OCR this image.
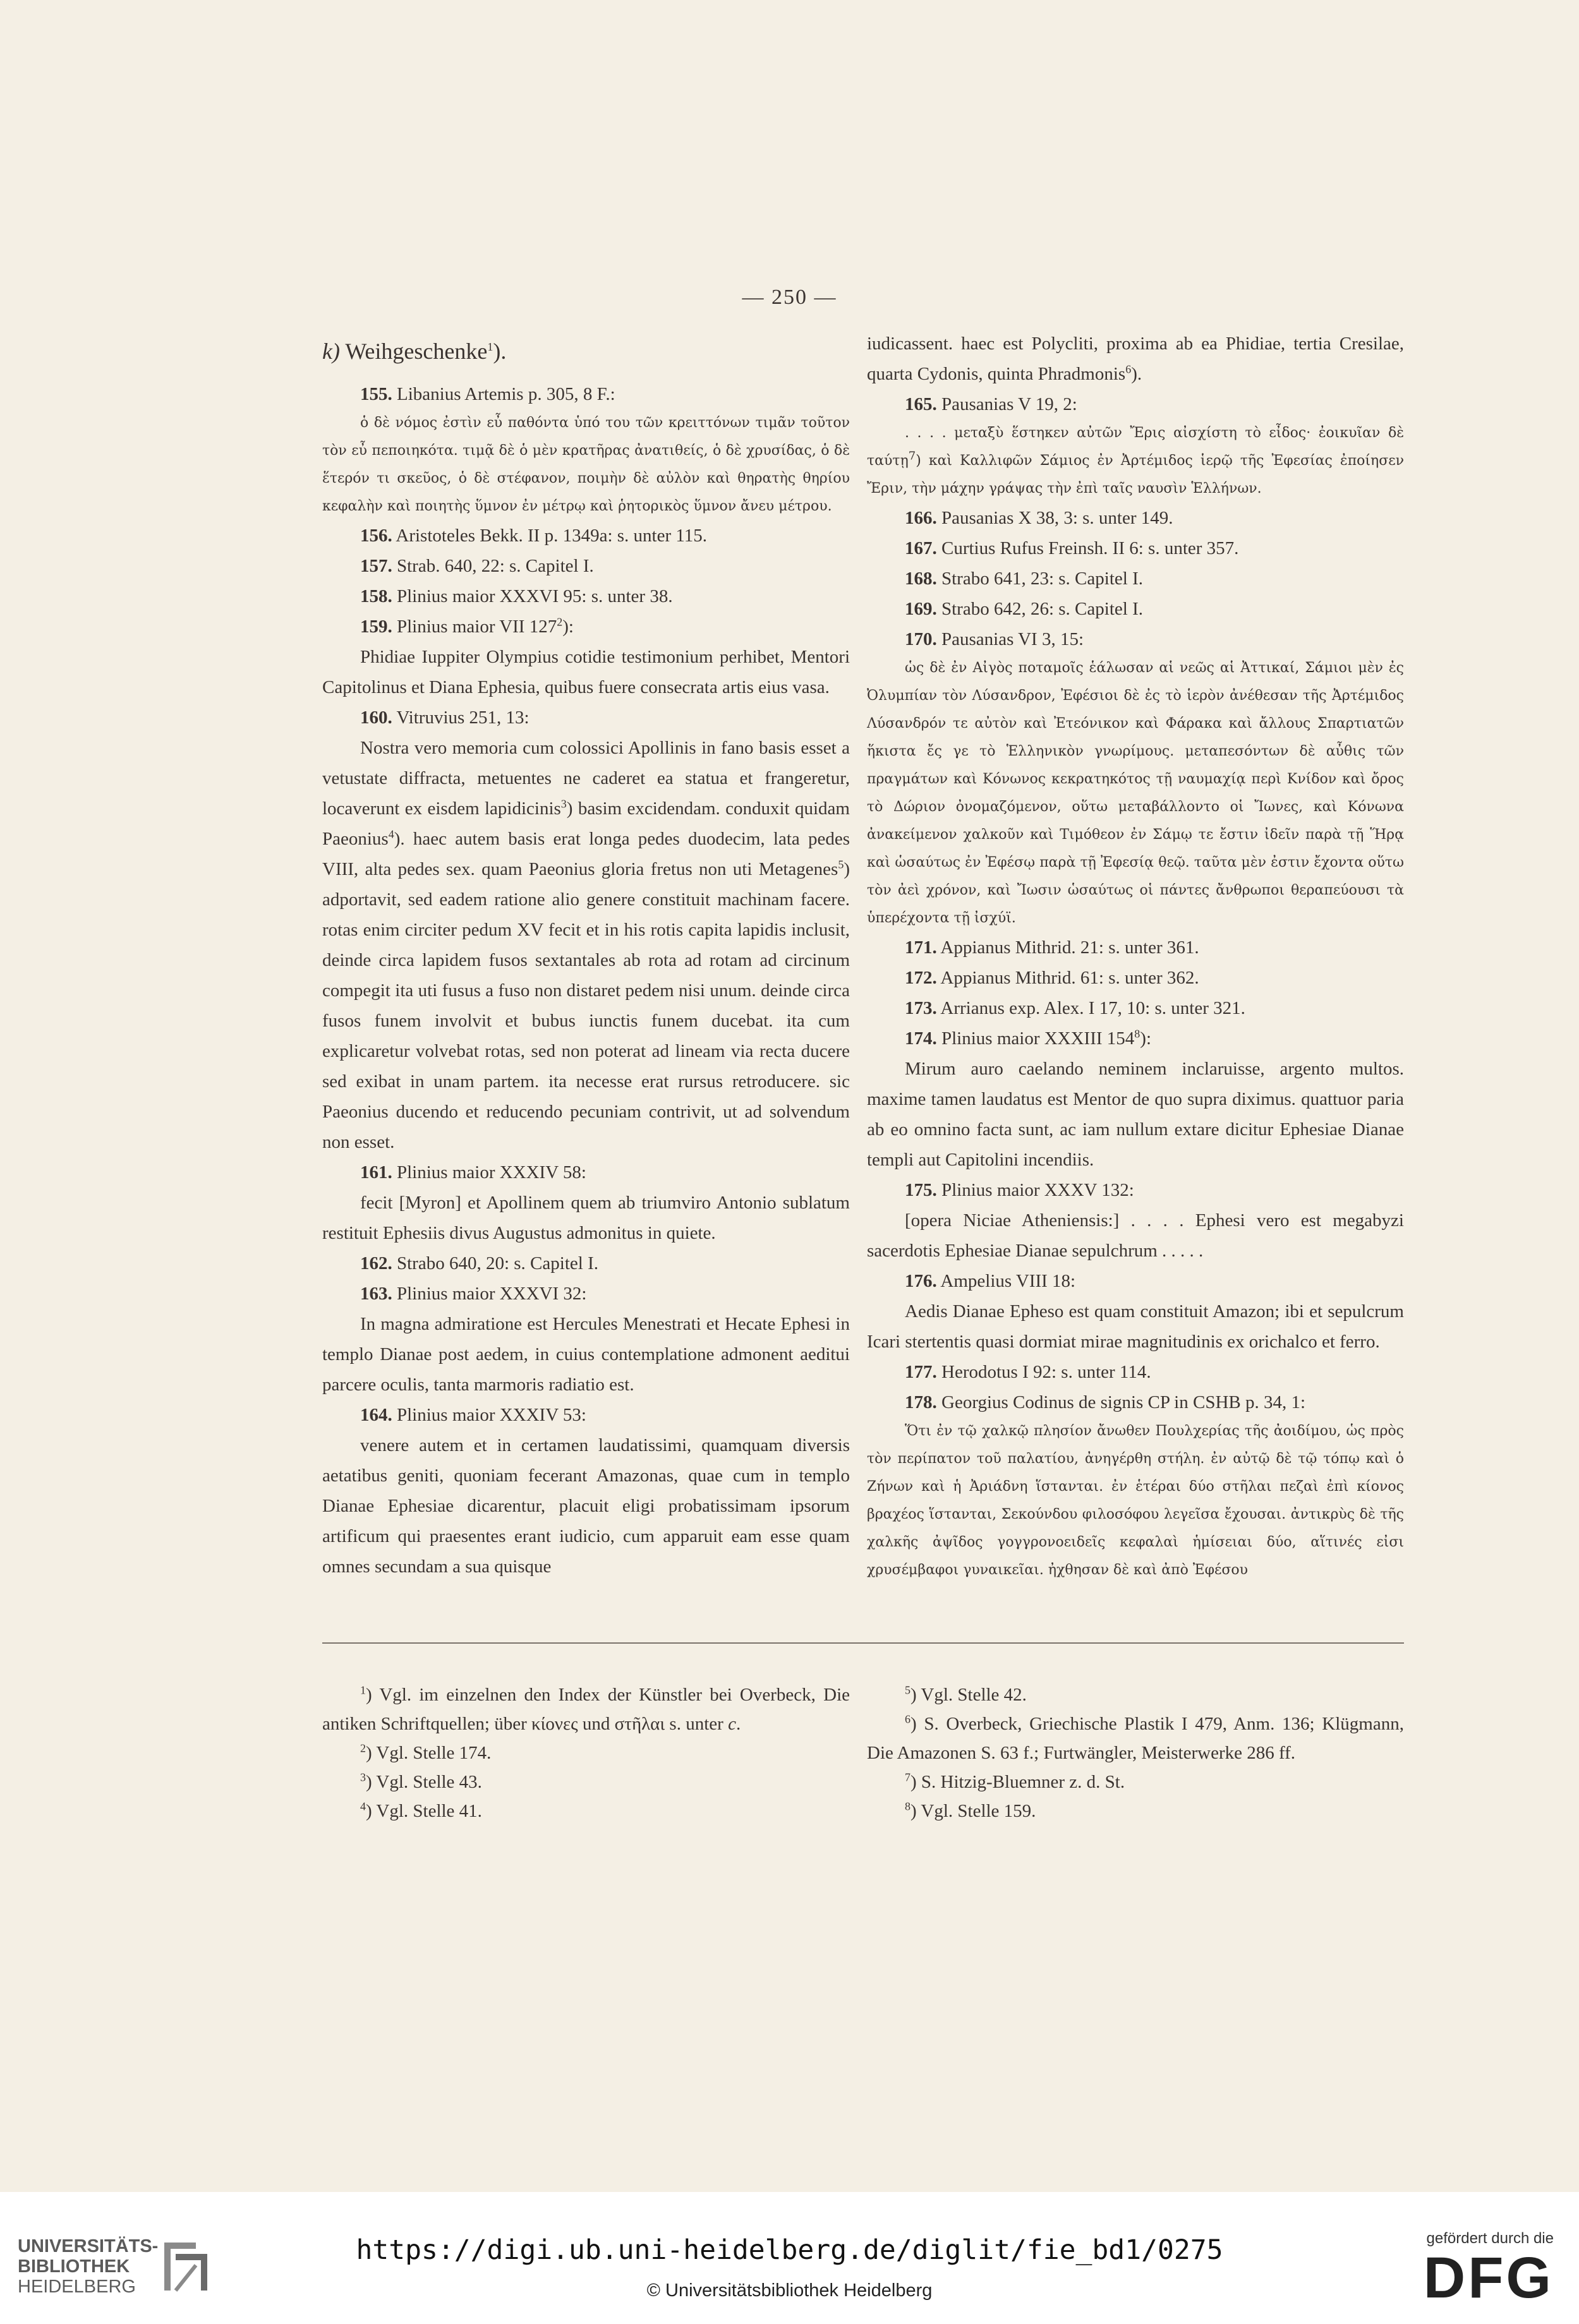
— 250 —

k) Weihgeschenke$^1$).

155. Libanius Artemis p. 305, 8 F.:

ὁ δὲ νόμος ἐστὶν εὖ παθόντα ὑπό του τῶν κρειττόνων τιμᾶν τοῦτον τὸν εὖ πεποιηκότα. τιμᾷ δὲ ὁ μὲν κρατῆρας ἀνατιθείς, ὁ δὲ χρυσίδας, ὁ δὲ ἕτερόν τι σκεῦος, ὁ δὲ στέφανον, ποιμὴν δὲ αὐλὸν καὶ θηρατὴς θηρίου κεφαλὴν καὶ ποιητὴς ὕμνον ἐν μέτρῳ καὶ ῥητορικὸς ὕμνον ἄνευ μέτρου.

156. Aristoteles Bekk. II p. 1349a: s. unter 115.

157. Strab. 640, 22: s. Capitel I.

158. Plinius maior XXXVI 95: s. unter 38.

159. Plinius maior VII $127^2$):

Phidiae Iuppiter Olympius cotidie testimonium perhibet, Mentori Capitolinus et Diana Ephesia, quibus fuere consecrata artis eius vasa.

160. Vitruvius 251, 13:

Nostra vero memoria cum colossici Apollinis in fano basis esset a vetustate diffracta, metuentes ne caderet ea statua et frangeretur, locaverunt ex eisdem lapidicinis$^3$) basim excidendam. conduxit quidam Paeonius$^4$). haec autem basis erat longa pedes duodecim, lata pedes VIII, alta pedes sex. quam Paeonius gloria fretus non uti Metagenes$^5$) adportavit, sed eadem ratione alio genere constituit machinam facere. rotas enim circiter pedum XV fecit et in his rotis capita lapidis inclusit, deinde circa lapidem fusos sextantales ab rota ad rotam ad circinum compegit ita uti fusus a fuso non distaret pedem nisi unum. deinde circa fusos funem involvit et bubus iunctis funem ducebat. ita cum explicaretur volvebat rotas, sed non poterat ad lineam via recta ducere sed exibat in unam partem. ita necesse erat rursus retroducere. sic Paeonius ducendo et reducendo pecuniam contrivit, ut ad solvendum non esset.

161. Plinius maior XXXIV 58:

fecit [Myron] et Apollinem quem ab triumviro Antonio sublatum restituit Ephesiis divus Augustus admonitus in quiete.

162. Strabo 640, 20: s. Capitel I.

163. Plinius maior XXXVI 32:

In magna admiratione est Hercules Menestrati et Hecate Ephesi in templo Dianae post aedem, in cuius contemplatione admonent aeditui parcere oculis, tanta marmoris radiatio est.

164. Plinius maior XXXIV 53:

venere autem et in certamen laudatissimi, quamquam diversis aetatibus geniti, quoniam fecerant Amazonas, quae cum in templo Dianae Ephesiae dicarentur, placuit eligi probatissimam ipsorum artificum qui praesentes erant iudicio, cum apparuit eam esse quam omnes secundam a sua quisque

iudicassent. haec est Polycliti, proxima ab ea Phidiae, tertia Cresilae, quarta Cydonis, quinta Phradmonis$^6$).

165. Pausanias V 19, 2:

. . . . μεταξὺ ἕστηκεν αὐτῶν Ἔρις αἰσχίστη τὸ εἶδος· ἐοικυῖαν δὲ ταύτῃ$^7$) καὶ Καλλιφῶν Σάμιος ἐν Ἀρτέμιδος ἱερῷ τῆς Ἐφεσίας ἐποίησεν Ἔριν, τὴν μάχην γράψας τὴν ἐπὶ ταῖς ναυσὶν Ἑλλήνων.

166. Pausanias X 38, 3: s. unter 149.

167. Curtius Rufus Freinsh. II 6: s. unter 357.

168. Strabo 641, 23: s. Capitel I.

169. Strabo 642, 26: s. Capitel I.

170. Pausanias VI 3, 15:

ὡς δὲ ἐν Αἰγὸς ποταμοῖς ἑάλωσαν αἱ νεῶς αἱ Ἀττικαί, Σάμιοι μὲν ἐς Ὀλυμπίαν τὸν Λύσανδρον, Ἐφέσιοι δὲ ἐς τὸ ἱερὸν ἀνέθεσαν τῆς Ἀρτέμιδος Λύσανδρόν τε αὐτὸν καὶ Ἐτεόνικον καὶ Φάρακα καὶ ἄλλους Σπαρτιατῶν ἥκιστα ἔς γε τὸ Ἑλληνικὸν γνωρίμους. μεταπεσόντων δὲ αὖθις τῶν πραγμάτων καὶ Κόνωνος κεκρατηκότος τῇ ναυμαχίᾳ περὶ Κνίδον καὶ ὄρος τὸ Δώριον ὀνομαζόμενον, οὕτω μεταβάλλοντο οἱ Ἴωνες, καὶ Κόνωνα ἀνακείμενον χαλκοῦν καὶ Τιμόθεον ἐν Σάμῳ τε ἔστιν ἰδεῖν παρὰ τῇ Ἥρᾳ καὶ ὡσαύτως ἐν Ἐφέσῳ παρὰ τῇ Ἐφεσίᾳ θεῷ. ταῦτα μὲν ἐστιν ἔχοντα οὕτω τὸν ἀεὶ χρόνον, καὶ Ἴωσιν ὡσαύτως οἱ πάντες ἄνθρωποι θεραπεύουσι τὰ ὑπερέχοντα τῇ ἰσχύϊ.

171. Appianus Mithrid. 21: s. unter 361.

172. Appianus Mithrid. 61: s. unter 362.

173. Arrianus exp. Alex. I 17, 10: s. unter 321.

174. Plinius maior XXXIII $154^8$):

Mirum auro caelando neminem inclaruisse, argento multos. maxime tamen laudatus est Mentor de quo supra diximus. quattuor paria ab eo omnino facta sunt, ac iam nullum extare dicitur Ephesiae Dianae templi aut Capitolini incendiis.

175. Plinius maior XXXV 132:

[opera Niciae Atheniensis:] . . . . Ephesi vero est megabyzi sacerdotis Ephesiae Dianae sepulchrum . . . . .

176. Ampelius VIII 18:

Aedis Dianae Epheso est quam constituit Amazon; ibi et sepulcrum Icari stertentis quasi dormiat mirae magnitudinis ex orichalco et ferro.

177. Herodotus I 92: s. unter 114.

178. Georgius Codinus de signis CP in CSHB p. 34, 1:

Ὅτι ἐν τῷ χαλκῷ πλησίον ἄνωθεν Πουλχερίας τῆς ἀοιδίμου, ὡς πρὸς τὸν περίπατον τοῦ παλατίου, ἀνηγέρθη στήλη. ἐν αὐτῷ δὲ τῷ τόπῳ καὶ ὁ Ζήνων καὶ ἡ Ἀριάδνη ἵστανται. ἐν ἑτέραι δύο στῆλαι πεζαὶ ἐπὶ κίονος βραχέος ἵστανται, Σεκούνδου φιλοσόφου λεγεῖσα ἔχουσαι. ἀντικρὺς δὲ τῆς χαλκῆς ἀψῖδος γογγρονοειδεῖς κεφαλαὶ ἡμίσειαι δύο, αἵτινές εἰσι χρυσέμβαφοι γυναικεῖαι. ἠχθησαν δὲ καὶ ἀπὸ Ἐφέσου

$^1$) Vgl. im einzelnen den Index der Künstler bei Overbeck, Die antiken Schriftquellen; über κίονες und στῆλαι s. unter c.

$^2$) Vgl. Stelle 174.

$^3$) Vgl. Stelle 43.

$^4$) Vgl. Stelle 41.

$^5$) Vgl. Stelle 42.

$^6$) S. Overbeck, Griechische Plastik I 479, Anm. 136; Klügmann, Die Amazonen S. 63 f.; Furtwängler, Meisterwerke 286 ff.

$^7$) S. Hitzig-Bluemner z. d. St.

$^8$) Vgl. Stelle 159.

UNIVERSITÄTS-
BIBLIOTHEK
HEIDELBERG
https://digi.ub.uni-heidelberg.de/diglit/fie_bd1/0275
© Universitätsbibliothek Heidelberg
gefördert durch die
DFG
